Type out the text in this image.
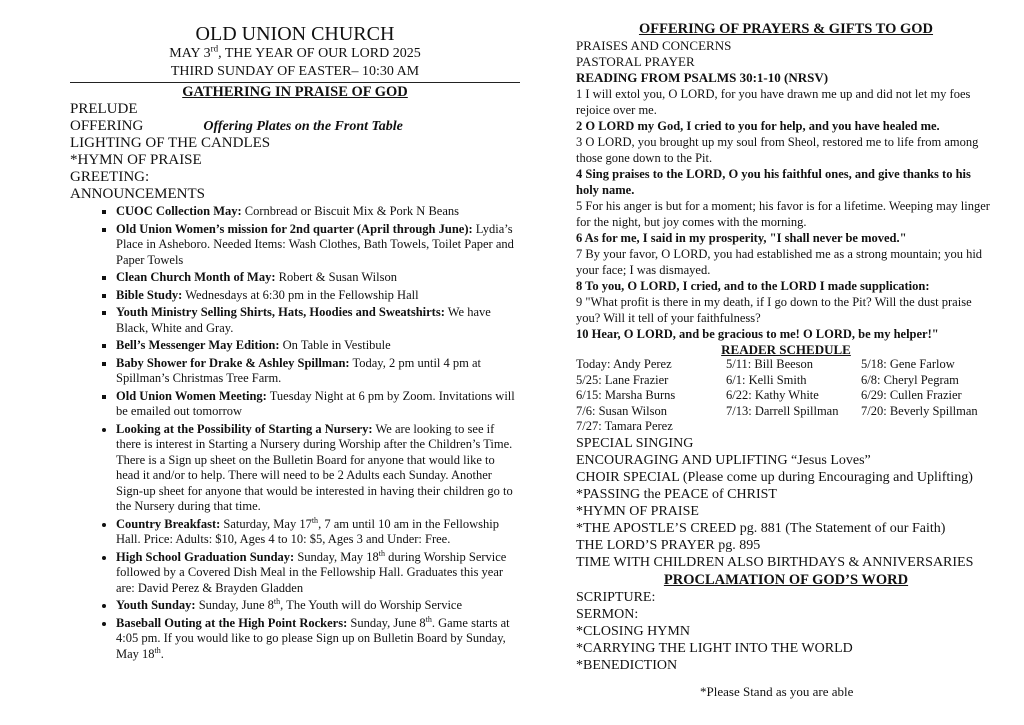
OLD UNION CHURCH
MAY 3rd, THE YEAR OF OUR LORD 2025
THIRD SUNDAY OF EASTER– 10:30 AM
GATHERING IN PRAISE OF GOD
PRELUDE
OFFERING	Offering Plates on the Front Table
LIGHTING OF THE CANDLES
*HYMN OF PRAISE
GREETING:
ANNOUNCEMENTS
▪ CUOC Collection May: Cornbread or Biscuit Mix & Pork N Beans
▪ Old Union Women’s mission for 2nd quarter (April through June): Lydia’s Place in Asheboro. Needed Items: Wash Clothes, Bath Towels, Toilet Paper and Paper Towels
▪ Clean Church Month of May: Robert & Susan Wilson
▪ Bible Study: Wednesdays at 6:30 pm in the Fellowship Hall
▪ Youth Ministry Selling Shirts, Hats, Hoodies and Sweatshirts: We have Black, White and Gray.
▪ Bell’s Messenger May Edition: On Table in Vestibule
▪ Baby Shower for Drake & Ashley Spillman: Today, 2 pm until 4 pm at Spillman’s Christmas Tree Farm.
▪ Old Union Women Meeting: Tuesday Night at 6 pm by Zoom. Invitations will be emailed out tomorrow
• Looking at the Possibility of Starting a Nursery: We are looking to see if there is interest in Starting a Nursery during Worship after the Children’s Time. There is a Sign up sheet on the Bulletin Board for anyone that would like to head it and/or to help. There will need to be 2 Adults each Sunday. Another Sign-up sheet for anyone that would be interested in having their children go to the Nursery during that time.
• Country Breakfast: Saturday, May 17th, 7 am until 10 am in the Fellowship Hall. Price: Adults: $10, Ages 4 to 10: $5, Ages 3 and Under: Free.
• High School Graduation Sunday: Sunday, May 18th during Worship Service followed by a Covered Dish Meal in the Fellowship Hall. Graduates this year are: David Perez & Brayden Gladden
• Youth Sunday: Sunday, June 8th, The Youth will do Worship Service
• Baseball Outing at the High Point Rockers: Sunday, June 8th. Game starts at 4:05 pm. If you would like to go please Sign up on Bulletin Board by Sunday, May 18th.
OFFERING OF PRAYERS & GIFTS TO GOD
PRAISES AND CONCERNS
PASTORAL PRAYER
READING FROM PSALMS 30:1-10 (NRSV)
1 I will extol you, O LORD, for you have drawn me up and did not let my foes rejoice over me.
2 O LORD my God, I cried to you for help, and you have healed me.
3 O LORD, you brought up my soul from Sheol, restored me to life from among those gone down to the Pit.
4 Sing praises to the LORD, O you his faithful ones, and give thanks to his holy name.
5 For his anger is but for a moment; his favor is for a lifetime. Weeping may linger for the night, but joy comes with the morning.
6 As for me, I said in my prosperity, "I shall never be moved."
7 By your favor, O LORD, you had established me as a strong mountain; you hid your face; I was dismayed.
8 To you, O LORD, I cried, and to the LORD I made supplication:
9 "What profit is there in my death, if I go down to the Pit? Will the dust praise you? Will it tell of your faithfulness?
10 Hear, O LORD, and be gracious to me! O LORD, be my helper!"
READER SCHEDULE
Today: Andy Perez	5/11: Bill Beeson	5/18: Gene Farlow
5/25: Lane Frazier	6/1: Kelli Smith	6/8: Cheryl Pegram
6/15: Marsha Burns	6/22: Kathy White	6/29: Cullen Frazier
7/6: Susan Wilson	7/13: Darrell Spillman	7/20: Beverly Spillman
7/27: Tamara Perez		
SPECIAL SINGING
ENCOURAGING AND UPLIFTING “Jesus Loves”
CHOIR SPECIAL (Please come up during Encouraging and Uplifting)
*PASSING the PEACE of CHRIST
*HYMN OF PRAISE
*THE APOSTLE’S CREED pg. 881 (The Statement of our Faith)
THE LORD’S PRAYER pg. 895
TIME WITH CHILDREN ALSO BIRTHDAYS & ANNIVERSARIES
PROCLAMATION OF GOD’S WORD
SCRIPTURE:
SERMON:
*CLOSING HYMN
*CARRYING THE LIGHT INTO THE WORLD
*BENEDICTION
*Please Stand as you are able
